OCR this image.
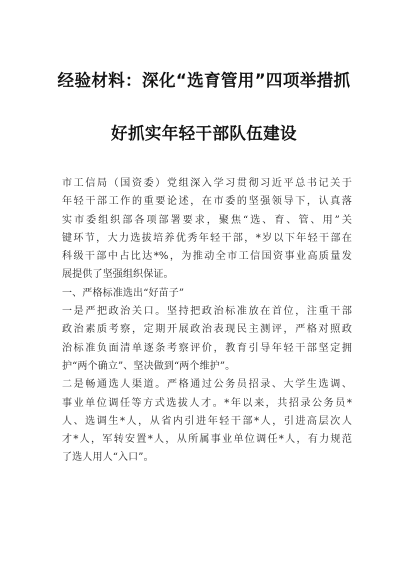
经验材料：深化“选育管用”四项举措抓
好抓实年轻干部队伍建设
市工信局（国资委）党组深入学习贯彻习近平总书记关于
年轻干部工作的重要论述，在市委的坚强领导下，认真落
实市委组织部各项部署要求，聚焦“选、育、管、用”关
键环节，大力选拔培养优秀年轻干部，*岁以下年轻干部在
科级干部中占比达*%，为推动全市工信国资事业高质量发
展提供了坚强组织保证。
一、严格标准选出“好苗子”
一是严把政治关口。坚持把政治标准放在首位，注重干部
政治素质考察，定期开展政治表现民主测评，严格对照政
治标准负面清单逐条考察评价，教育引导年轻干部坚定拥
护“两个确立”、坚决做到“两个维护”。
二是畅通选人渠道。严格通过公务员招录、大学生选调、
事业单位调任等方式选拔人才。*年以来，共招录公务员*
人、选调生*人，从省内引进年轻干部*人，引进高层次人
才*人，军转安置*人，从所属事业单位调任*人，有力规范
了选人用人“入口”。
